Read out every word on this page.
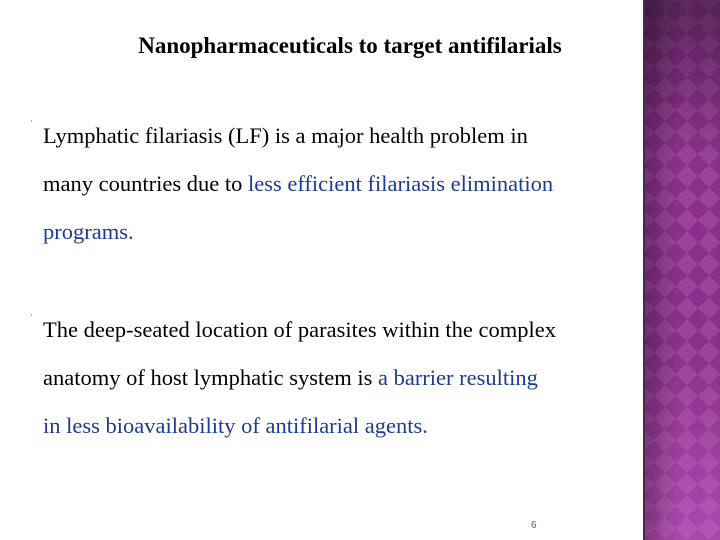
Nanopharmaceuticals to target antifilarials
·
Lymphatic filariasis (LF) is a major health problem in
many countries due to less efficient filariasis elimination
programs.
·
The deep-seated location of parasites within the complex
anatomy of host lymphatic system is a barrier resulting
in less bioavailability of antifilarial agents.
6
